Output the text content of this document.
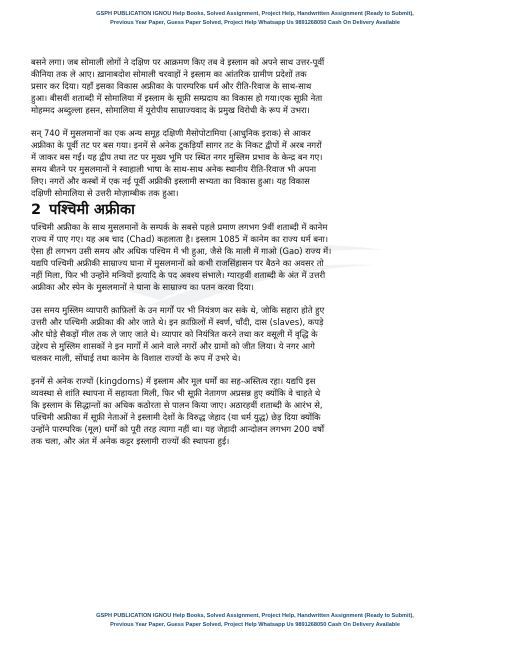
GSPH PUBLICATION IGNOU Help Books, Solved Assignment, Project Help, Handwritten Assignment (Ready to Submit),
Previous Year Paper, Guess Paper Solved, Project Help Whatsapp Us 9891268050 Cash On Delivery Available
बसने लगा। जब सोमाली लोगों ने दक्षिण पर आक्रमण किए तब वे इस्लाम को अपने साथ उत्तर-पूर्वी
कीनिया तक ले आए। ख़ानाबदोश सोमाली चरवाहों ने इस्लाम का आंतरिक ग्रामीण प्रदेशों तक
प्रसार कर दिया। यहाँ इसका विकास अफ्रीका के पारम्परिक धर्म और रीति-रिवाज के साथ-साथ
हुआ। बीसवीं शताब्दी में सोमालिया में इस्लाम के सूफ़ी सम्प्रदाय का विकास हो गया।एक सूफ़ी नेता
मोहम्मद अब्दुल्ला हसन, सोमालिया में यूरोपीय साम्राज्यवाद के प्रमुख विरोधी के रूप में उभरा।
सन् 740 में मुसलमानों का एक अन्य समूह दक्षिणी मैसोपोटामिया (आधुनिक इराक) से आकर
अफ्रीका के पूर्वी तट पर बस गया। इनमें से अनेक टुकड़ियाँ सागर तट के निकट द्वीपों में अरब नगरों
में जाकर बस गईं। यह द्वीप तथा तट पर मुख्य भूमि पर स्थित नगर मुस्लिम प्रभाव के केन्द्र बन गए।
समय बीतने पर मुसलमानों ने स्वाहाली भाषा के साथ-साथ अनेक स्थानीय रीति-रिवाज भी अपना
लिए। नगरों और कस्बों में एक नई पूर्वी अफ्रीकी इस्लामी सभ्यता का विकास हुआ। यह विकास
दक्षिणी सोमालिया से उत्तरी मोज़ाम्बीक तक हुआ।
2 पश्चिमी अफ्रीका
पश्चिमी अफ्रीका के साथ मुसलमानों के सम्पर्क के सबसे पहले प्रमाण लगभग 9वीं शताब्दी में कानेम
राज्य में पाए गए। यह अब चाद (Chad) कहलाता है। इस्लाम 1085 में कानेम का राज्य धर्म बना।
ऐसा ही लगभग उसी समय और अधिक पश्चिम में भी हुआ, जैसे कि माली में गाओ (Gao) राज्य में।
यद्यपि पश्चिमी अफ्रीकी साम्राज्य घाना में मुसलमानों को कभी राजसिंहासन पर बैठने का अवसर तो
नहीं मिला, फिर भी उन्होंने मन्त्रियों इत्यादि के पद अवश्य संभाले। ग्यारहवीं शताब्दी के अंत में उत्तरी
अफ्रीका और स्पेन के मुसलमानों ने घाना के साम्राज्य का पतन करवा दिया।
उस समय मुस्लिम व्यापारी क़ाफ़िलों के उन मार्गों पर भी नियंत्रण कर सके थे, जोकि सहारा होते हुए
उत्तरी और पश्चिमी अफ्रीका की ओर जाते थे। इन क़ाफ़िलों में स्वर्ण, चाँदी, दास (slaves), कपड़े
और घोड़े सैकड़ों मील तक ले जाए जाते थे। व्यापार को नियंत्रित करने तथा कर वसूली में वृद्धि के
उद्देश्य से मुस्लिम शासकों ने इन मार्गों में आने वाले नगरों और ग्रामों को जीत लिया। ये नगर आगे
चलकर माली, सोंघाई तथा कानेम के विशाल राज्यों के रूप में उभरे थे।
इनमें से अनेक राज्यों (kingdoms) में इस्लाम और मूल धर्मों का सह-अस्तित्व रहा। यद्यपि इस
व्यवस्था से शांति स्थापना में सहायता मिली, फिर भी सूफ़ी नेतागण अप्रसन्न हुए क्योंकि वे चाहते थे
कि इस्लाम के सिद्धान्तों का अधिक कठोरता से पालन किया जाए। अठारहवीं शताब्दी के आरंभ से,
पश्चिमी अफ्रीका में सूफ़ी नेताओं ने इस्लामी देशों के विरुद्ध जेहाद (या धर्म युद्ध) छेड़ दिया क्योंकि
उन्होंने पारम्परिक (मूल) धर्मों को पूरी तरह त्यागा नहीं था। यह जेहादी आन्दोलन लगभग 200 वर्षों
तक चला, और अंत में अनेक कट्टर इस्लामी राज्यों की स्थापना हुई।
GSPH PUBLICATION IGNOU Help Books, Solved Assignment, Project Help, Handwritten Assignment (Ready to Submit),
Previous Year Paper, Guess Paper Solved, Project Help Whatsapp Us 9891268050 Cash On Delivery Available
